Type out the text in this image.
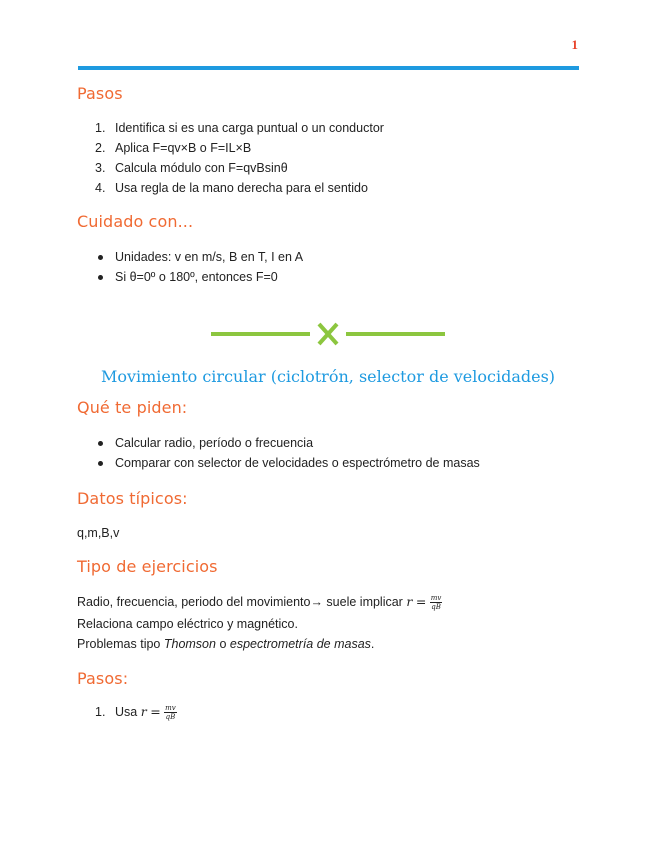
1
Pasos
1. Identifica si es una carga puntual o un conductor
2. Aplica F=qv×B o F=IL×B
3. Calcula módulo con F=qvBsinθ
4. Usa regla de la mano derecha para el sentido
Cuidado con...
Unidades: v en m/s, B en T, I en A
Si θ=0º o 180º, entonces F=0
Movimiento circular (ciclotrón, selector de velocidades)
Qué te piden:
Calcular radio, período o frecuencia
Comparar con selector de velocidades o espectrómetro de masas
Datos típicos:

q,m,B,v

Tipo de ejercicios

Radio, frecuencia, periodo del movimiento→ suele implicar $r = \frac{mv}{qB}$

Relaciona campo eléctrico y magnético.

Problemas tipo Thomson o espectrometría de masas.

Pasos:
1. Usa $r = \frac{mv}{qB}$
